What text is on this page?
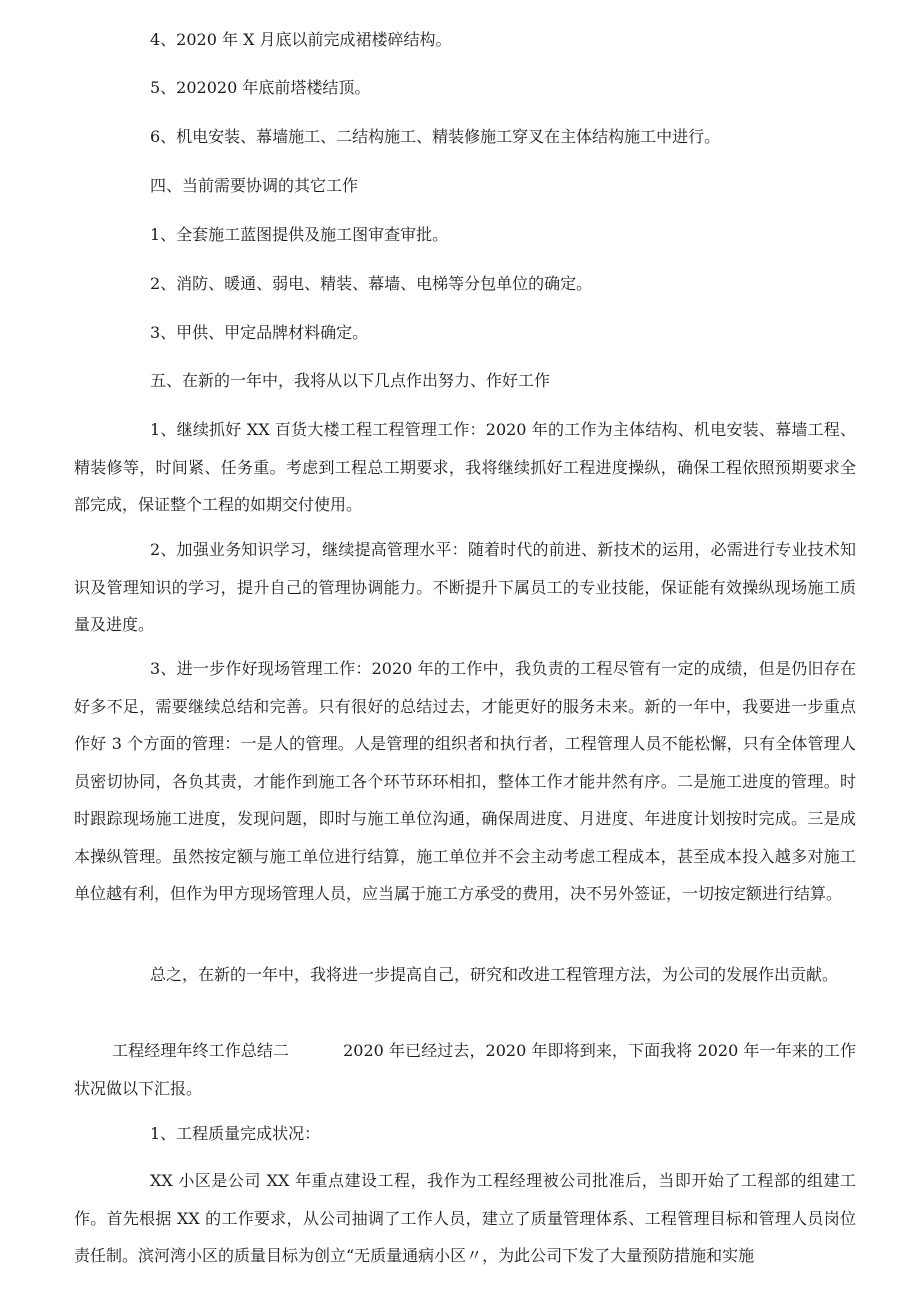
4、2020 年 X 月底以前完成裙楼碎结构。
5、202020 年底前塔楼结顶。
6、机电安装、幕墙施工、二结构施工、精装修施工穿叉在主体结构施工中进行。
四、当前需要协调的其它工作
1、全套施工蓝图提供及施工图审查审批。
2、消防、暖通、弱电、精装、幕墙、电梯等分包单位的确定。
3、甲供、甲定品牌材料确定。
五、在新的一年中，我将从以下几点作出努力、作好工作
1、继续抓好 XX 百货大楼工程工程管理工作：2020 年的工作为主体结构、机电安装、幕墙工程、精装修等，时间紧、任务重。考虑到工程总工期要求，我将继续抓好工程进度操纵，确保工程依照预期要求全部完成，保证整个工程的如期交付使用。
2、加强业务知识学习，继续提高管理水平：随着时代的前进、新技术的运用，必需进行专业技术知识及管理知识的学习，提升自己的管理协调能力。不断提升下属员工的专业技能，保证能有效操纵现场施工质量及进度。
3、进一步作好现场管理工作：2020 年的工作中，我负责的工程尽管有一定的成绩，但是仍旧存在好多不足，需要继续总结和完善。只有很好的总结过去，才能更好的服务未来。新的一年中，我要进一步重点作好 3 个方面的管理：一是人的管理。人是管理的组织者和执行者，工程管理人员不能松懈，只有全体管理人员密切协同，各负其责，才能作到施工各个环节环环相扣，整体工作才能井然有序。二是施工进度的管理。时时跟踪现场施工进度，发现问题，即时与施工单位沟通，确保周进度、月进度、年进度计划按时完成。三是成本操纵管理。虽然按定额与施工单位进行结算，施工单位并不会主动考虑工程成本，甚至成本投入越多对施工单位越有利，但作为甲方现场管理人员，应当属于施工方承受的费用，决不另外签证，一切按定额进行结算。
总之，在新的一年中，我将进一步提高自己，研究和改进工程管理方法，为公司的发展作出贡献。
工程经理年终工作总结二	2020 年已经过去，2020 年即将到来，下面我将 2020 年一年来的工作状况做以下汇报。
1、工程质量完成状况：
XX 小区是公司 XX 年重点建设工程，我作为工程经理被公司批准后，当即开始了工程部的组建工作。首先根据 XX 的工作要求，从公司抽调了工作人员，建立了质量管理体系、工程管理目标和管理人员岗位责任制。滨河湾小区的质量目标为创立“无质量通病小区〃，为此公司下发了大量预防措施和实施
